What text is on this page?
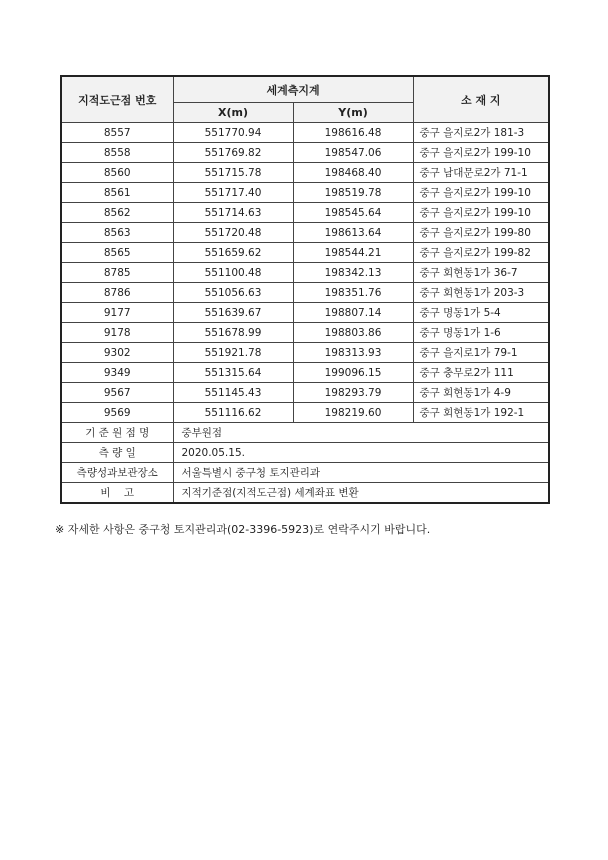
지적도근점 번호	세계측지계		소 재 지
	X(m)	Y(m)	
8557	551770.94	198616.48	중구 을지로2가 181-3
8558	551769.82	198547.06	중구 을지로2가 199-10
8560	551715.78	198468.40	중구 남대문로2가 71-1
8561	551717.40	198519.78	중구 을지로2가 199-10
8562	551714.63	198545.64	중구 을지로2가 199-10
8563	551720.48	198613.64	중구 을지로2가 199-80
8565	551659.62	198544.21	중구 을지로2가 199-82
8785	551100.48	198342.13	중구 회현동1가 36-7
8786	551056.63	198351.76	중구 회현동1가 203-3
9177	551639.67	198807.14	중구 명동1가 5-4
9178	551678.99	198803.86	중구 명동1가 1-6
9302	551921.78	198313.93	중구 을지로1가 79-1
9349	551315.64	199096.15	중구 충무로2가 111
9567	551145.43	198293.79	중구 회현동1가 4-9
9569	551116.62	198219.60	중구 회현동1가 192-1
기 준 원 점 명	중부원점		
측 량 일	2020.05.15.		
측량성과보관장소	서울특별시 중구청 토지관리과		
비    고	지적기준점(지적도근점) 세계좌표 변환		
※ 자세한 사항은 중구청 토지관리과(02-3396-5923)로 연락주시기 바랍니다.
